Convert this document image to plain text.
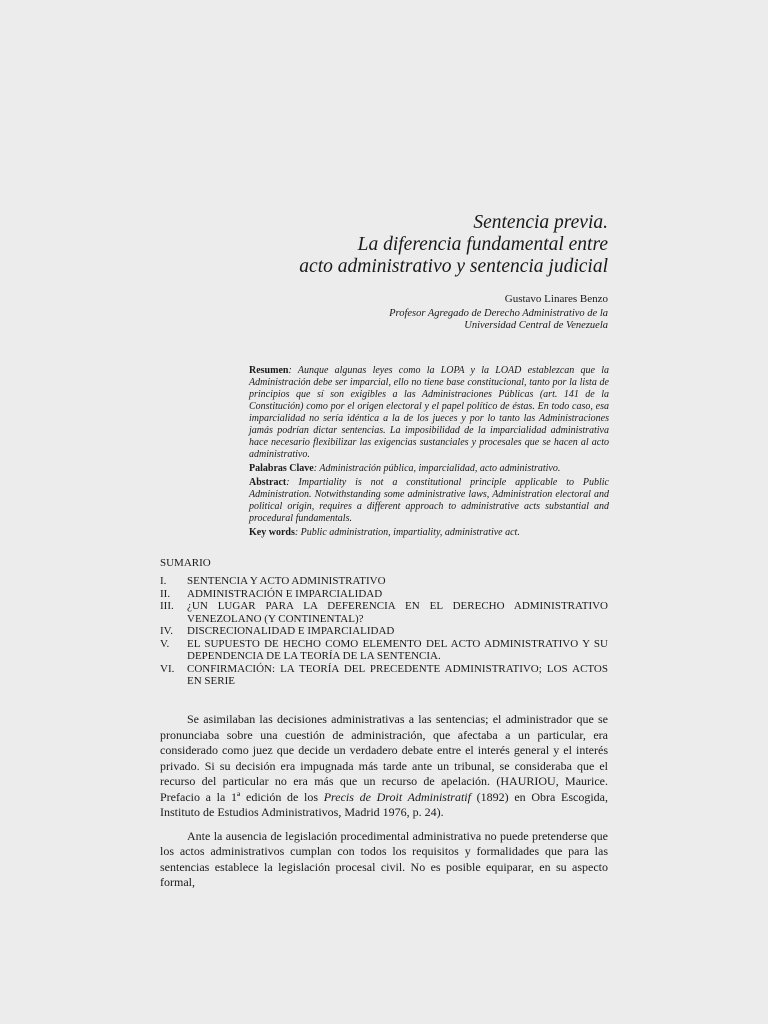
Sentencia previa.
La diferencia fundamental entre
acto administrativo y sentencia judicial
Gustavo Linares Benzo
Profesor Agregado de Derecho Administrativo de la
Universidad Central de Venezuela

Resumen: Aunque algunas leyes como la LOPA y la LOAD establezcan que la Administración debe ser imparcial, ello no tiene base constitucional, tanto por la lista de principios que sí son exigibles a las Administraciones Públicas (art. 141 de la Constitución) como por el origen electoral y el papel político de éstas. En todo caso, esa imparcialidad no sería idéntica a la de los jueces y por lo tanto las Administraciones jamás podrían dictar sentencias. La imposibilidad de la imparcialidad administrativa hace necesario flexibilizar las exigencias sustanciales y procesales que se hacen al acto administrativo.

Palabras Clave: Administración pública, imparcialidad, acto administrativo.

Abstract: Impartiality is not a constitutional principle applicable to Public Administration. Notwithstanding some administrative laws, Administration electoral and political origin, requires a different approach to administrative acts substantial and procedural fundamentals.

Key words: Public administration, impartiality, administrative act.

SUMARIO
I.	SENTENCIA Y ACTO ADMINISTRATIVO
II.	ADMINISTRACIÓN E IMPARCIALIDAD
III.	¿UN LUGAR PARA LA DEFERENCIA EN EL DERECHO ADMINISTRATIVO VENEZOLANO (Y CONTINENTAL)?
IV.	DISCRECIONALIDAD E IMPARCIALIDAD
V.	EL SUPUESTO DE HECHO COMO ELEMENTO DEL ACTO ADMINISTRATIVO Y SU DEPENDENCIA DE LA TEORÍA DE LA SENTENCIA.
VI.	CONFIRMACIÓN: LA TEORÍA DEL PRECEDENTE ADMINISTRATIVO; LOS ACTOS EN SERIE

Se asimilaban las decisiones administrativas a las sentencias; el administrador que se pronunciaba sobre una cuestión de administración, que afectaba a un particular, era considerado como juez que decide un verdadero debate entre el interés general y el interés privado. Si su decisión era impugnada más tarde ante un tribunal, se consideraba que el recurso del particular no era más que un recurso de apelación. (HAURIOU, Maurice. Prefacio a la 1ª edición de los Precis de Droit Administratif (1892) en Obra Escogida, Instituto de Estudios Administrativos, Madrid 1976, p. 24).

Ante la ausencia de legislación procedimental administrativa no puede pretenderse que los actos administrativos cumplan con todos los requisitos y formalidades que para las sentencias establece la legislación procesal civil. No es posible equiparar, en su aspecto formal,
